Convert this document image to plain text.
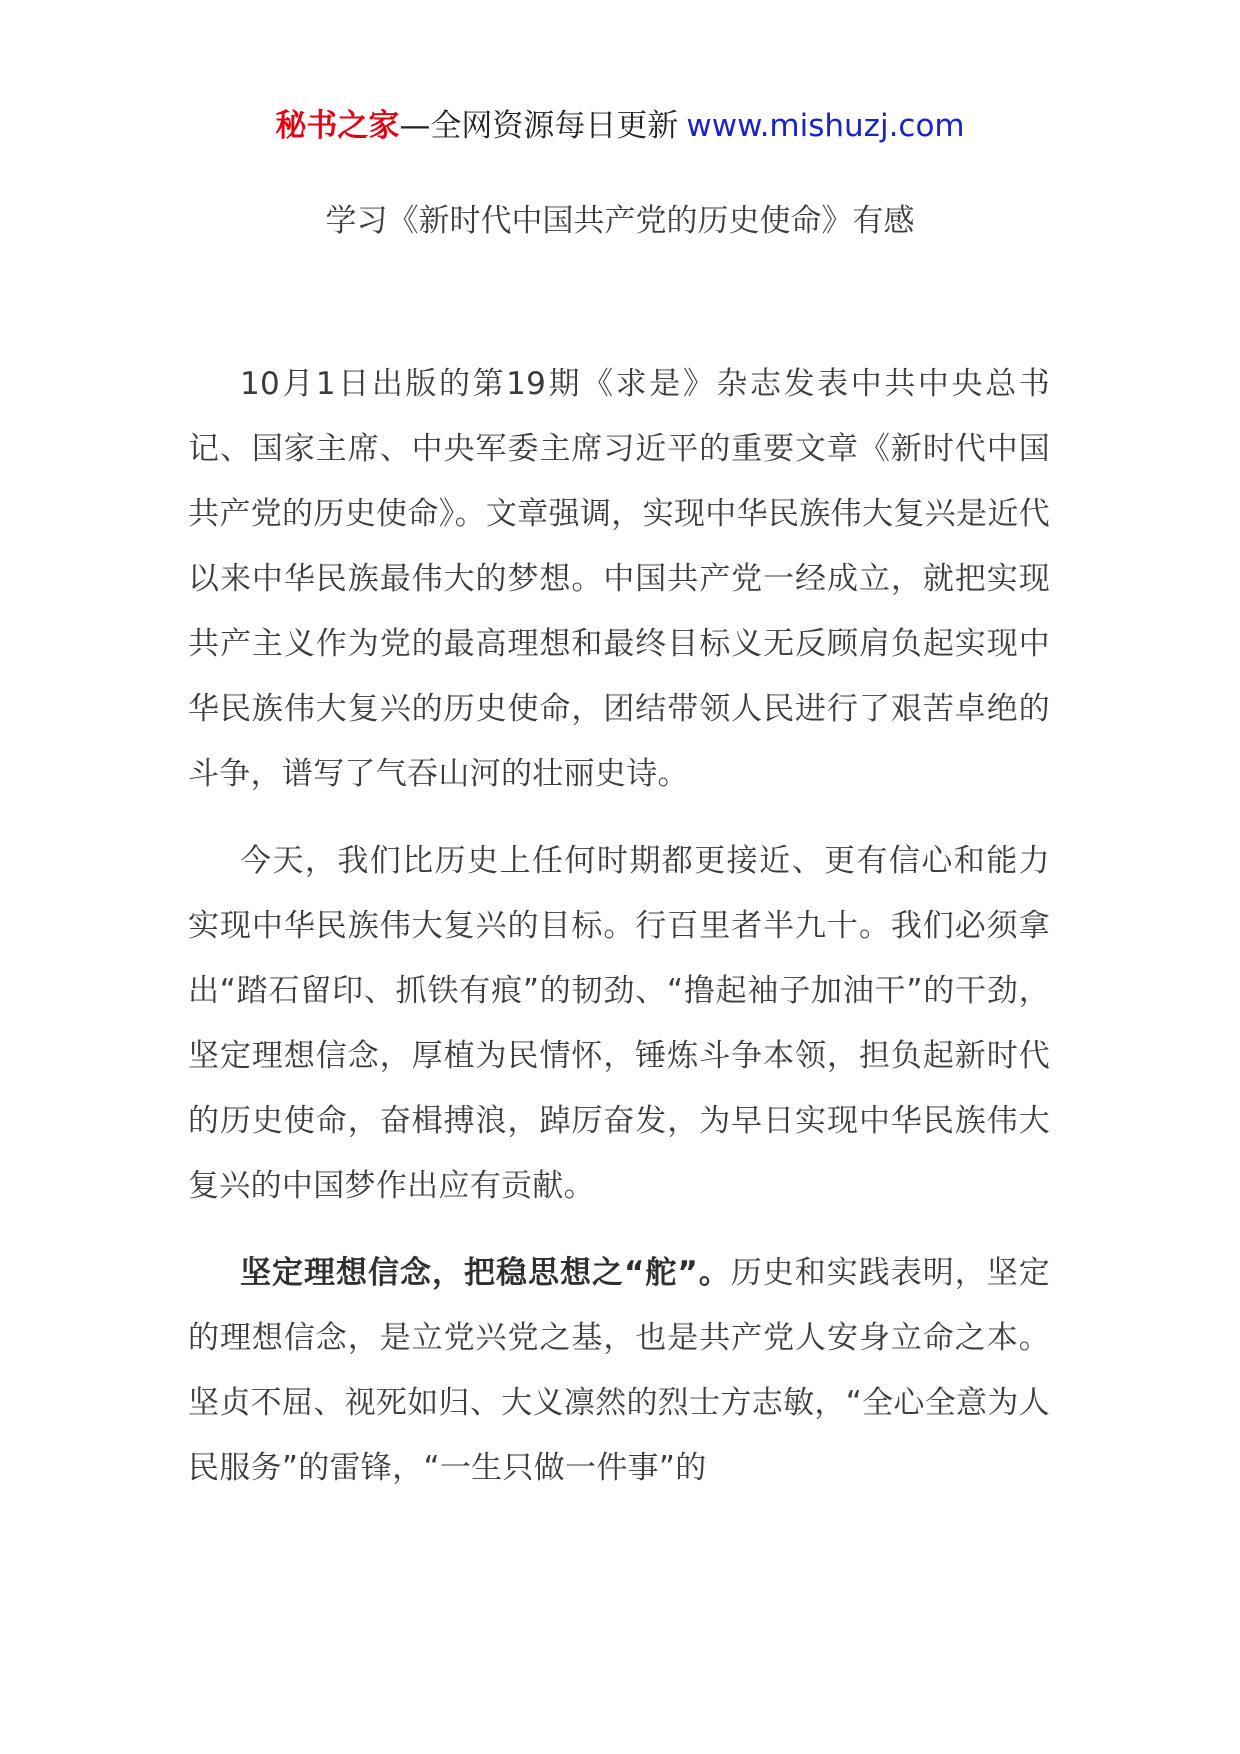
秘书之家—全网资源每日更新 www.mishuzj.com
学习《新时代中国共产党的历史使命》有感

10月1日出版的第19期《求是》杂志发表中共中央总书记、国家主席、中央军委主席习近平的重要文章《新时代中国共产党的历史使命》。文章强调，实现中华民族伟大复兴是近代以来中华民族最伟大的梦想。中国共产党一经成立，就把实现共产主义作为党的最高理想和最终目标义无反顾肩负起实现中华民族伟大复兴的历史使命，团结带领人民进行了艰苦卓绝的斗争，谱写了气吞山河的壮丽史诗。

今天，我们比历史上任何时期都更接近、更有信心和能力实现中华民族伟大复兴的目标。行百里者半九十。我们必须拿出“踏石留印、抓铁有痕”的韧劲、“撸起袖子加油干”的干劲，坚定理想信念，厚植为民情怀，锤炼斗争本领，担负起新时代的历史使命，奋楫搏浪，踔厉奋发，为早日实现中华民族伟大复兴的中国梦作出应有贡献。

坚定理想信念，把稳思想之“舵”。历史和实践表明，坚定的理想信念，是立党兴党之基，也是共产党人安身立命之本。坚贞不屈、视死如归、大义凛然的烈士方志敏，“全心全意为人民服务”的雷锋，“一生只做一件事”的
